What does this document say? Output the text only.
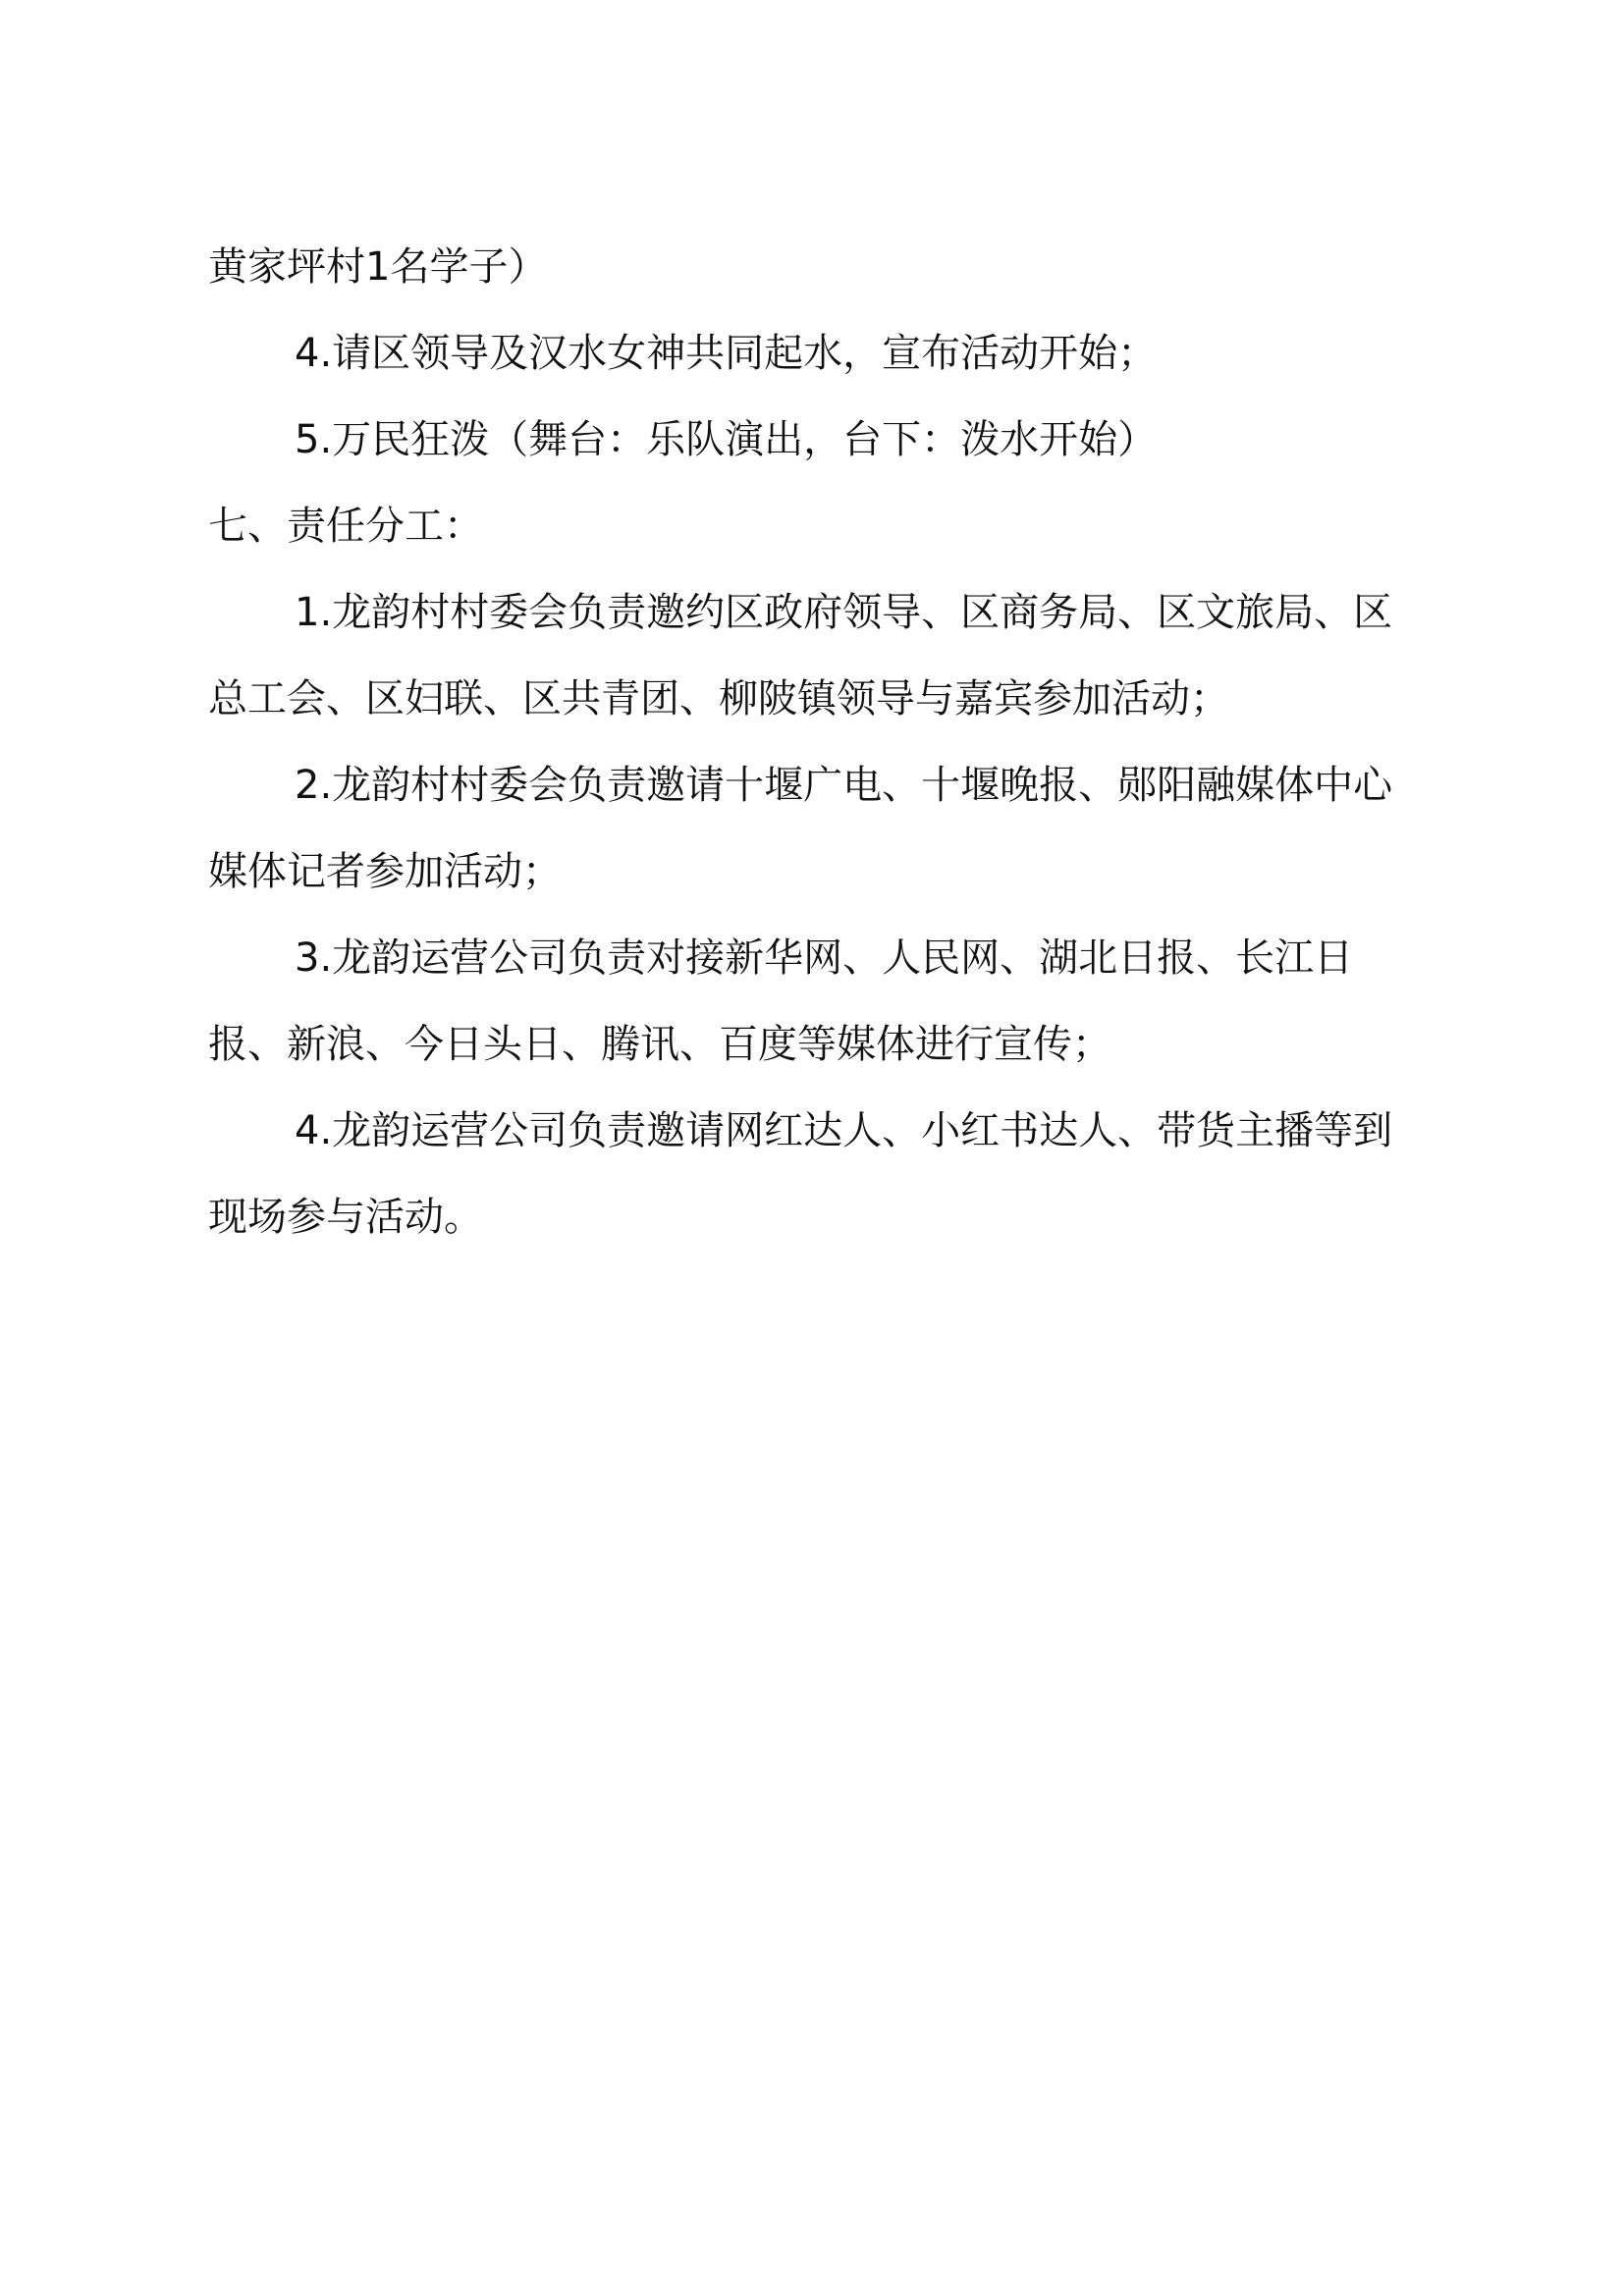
黄家坪村1名学子）

4.请区领导及汉水女神共同起水，宣布活动开始；

5.万民狂泼（舞台：乐队演出，台下：泼水开始）

七、责任分工：

1.龙韵村村委会负责邀约区政府领导、区商务局、区文旅局、区总工会、区妇联、区共青团、柳陂镇领导与嘉宾参加活动；

2.龙韵村村委会负责邀请十堰广电、十堰晚报、郧阳融媒体中心媒体记者参加活动；

3.龙韵运营公司负责对接新华网、人民网、湖北日报、长江日报、新浪、今日头日、腾讯、百度等媒体进行宣传；

4.龙韵运营公司负责邀请网红达人、小红书达人、带货主播等到现场参与活动。
